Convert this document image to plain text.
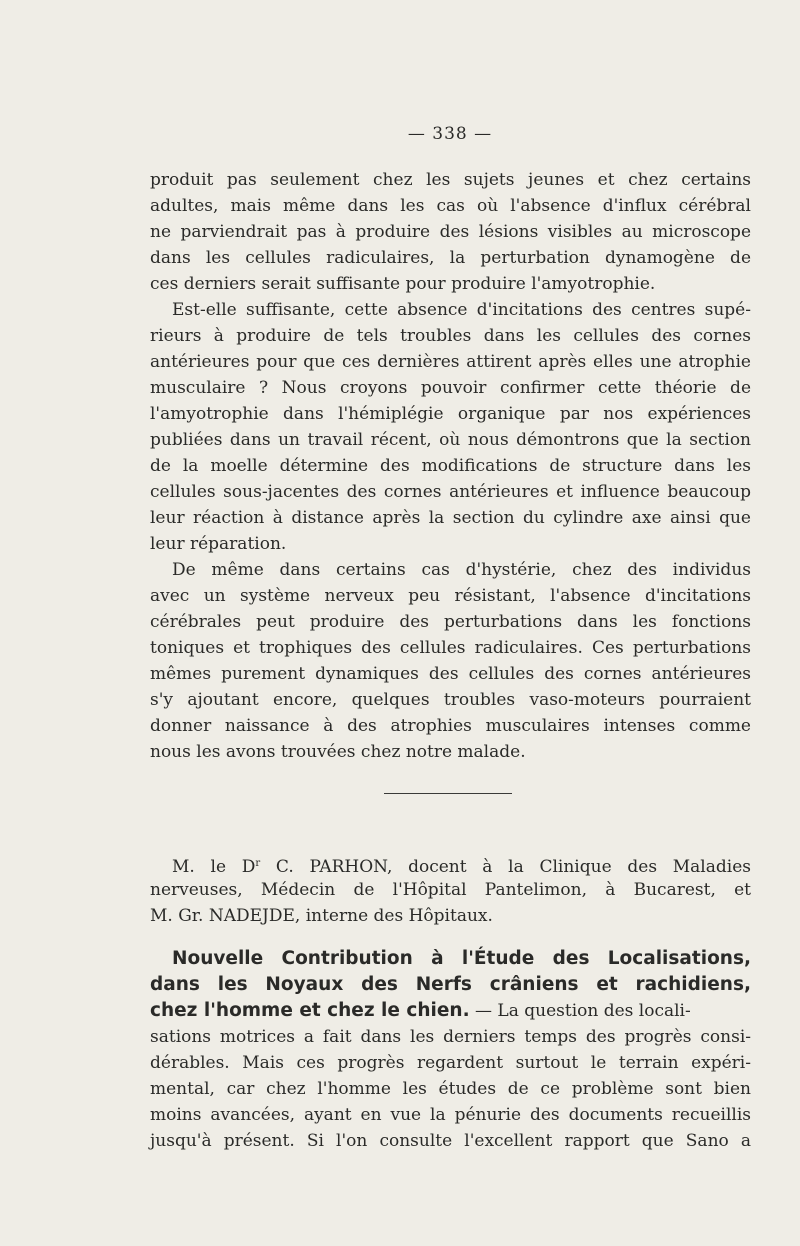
— 338 —
produit pas seulement chez les sujets jeunes et chez certains
adultes, mais même dans les cas où l'absence d'influx cérébral
ne parviendrait pas à produire des lésions visibles au microscope
dans les cellules radiculaires, la perturbation dynamogène de
ces derniers serait suffisante pour produire l'amyotrophie.
Est-elle suffisante, cette absence d'incitations des centres supé-
rieurs à produire de tels troubles dans les cellules des cornes
antérieures pour que ces dernières attirent après elles une atrophie
musculaire ? Nous croyons pouvoir confirmer cette théorie de
l'amyotrophie dans l'hémiplégie organique par nos expériences
publiées dans un travail récent, où nous démontrons que la section
de la moelle détermine des modifications de structure dans les
cellules sous-jacentes des cornes antérieures et influence beaucoup
leur réaction à distance après la section du cylindre axe ainsi que
leur réparation.
De même dans certains cas d'hystérie, chez des individus
avec un système nerveux peu résistant, l'absence d'incitations
cérébrales peut produire des perturbations dans les fonctions
toniques et trophiques des cellules radiculaires. Ces perturbations
mêmes purement dynamiques des cellules des cornes antérieures
s'y ajoutant encore, quelques troubles vaso-moteurs pourraient
donner naissance à des atrophies musculaires intenses comme
nous les avons trouvées chez notre malade.
M. le $D^r$ C. PARHON, docent à la Clinique des Maladies
nerveuses, Médecin de l'Hôpital Pantelimon, à Bucarest, et
M. Gr. NADEJDE, interne des Hôpitaux.
Nouvelle Contribution à l'Étude des Localisations,
dans les Noyaux des Nerfs crâniens et rachidiens,
chez l'homme et chez le chien. — La question des locali-
sations motrices a fait dans les derniers temps des progrès consi-
dérables. Mais ces progrès regardent surtout le terrain expéri-
mental, car chez l'homme les études de ce problème sont bien
moins avancées, ayant en vue la pénurie des documents recueillis
jusqu'à présent. Si l'on consulte l'excellent rapport que Sano a
